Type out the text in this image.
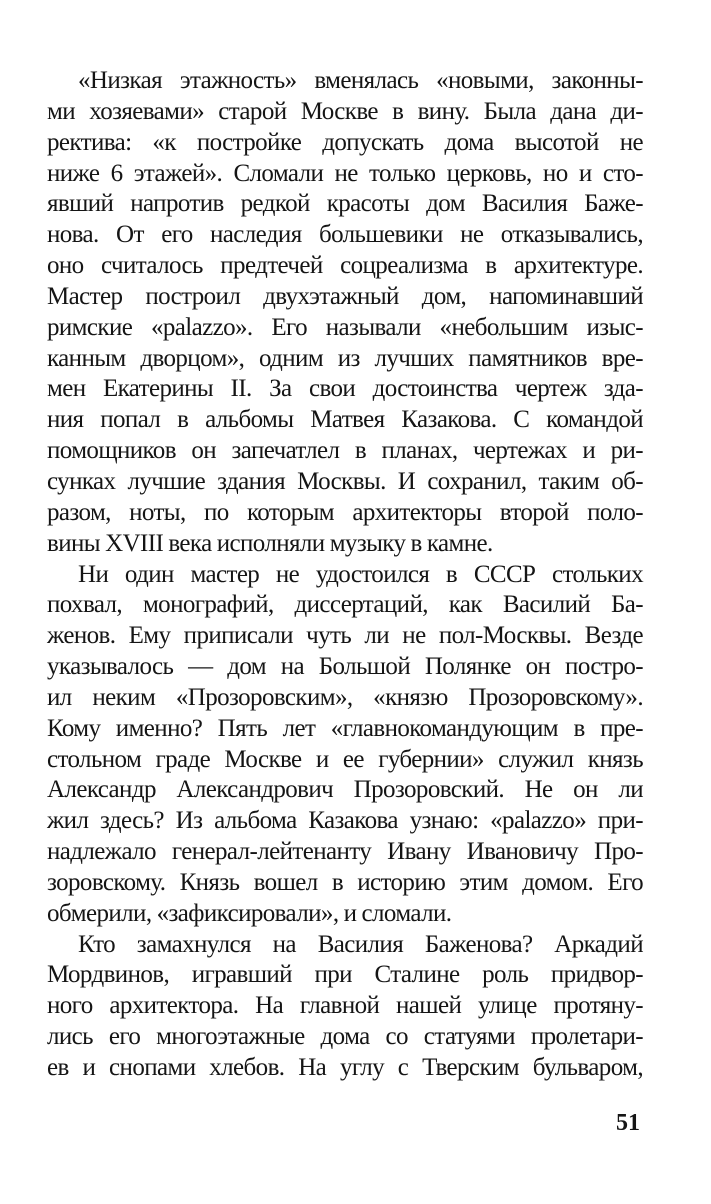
«Низкая этажность» вменялась «новыми, законны-
ми хозяевами» старой Москве в вину. Была дана ди-
ректива: «к постройке допускать дома высотой не
ниже 6 этажей». Сломали не только церковь, но и сто-
явший напротив редкой красоты дом Василия Баже-
нова. От его наследия большевики не отказывались,
оно считалось предтечей соцреализма в архитектуре.
Мастер построил двухэтажный дом, напоминавший
римские «palazzo». Его называли «небольшим изыс-
канным дворцом», одним из лучших памятников вре-
мен Екатерины II. За свои достоинства чертеж зда-
ния попал в альбомы Матвея Казакова. С командой
помощников он запечатлел в планах, чертежах и ри-
сунках лучшие здания Москвы. И сохранил, таким об-
разом, ноты, по которым архитекторы второй поло-
вины XVIII века исполняли музыку в камне.
Ни один мастер не удостоился в СССР стольких
похвал, монографий, диссертаций, как Василий Ба-
женов. Ему приписали чуть ли не пол-Москвы. Везде
указывалось — дом на Большой Полянке он постро-
ил неким «Прозоровским», «князю Прозоровскому».
Кому именно? Пять лет «главнокомандующим в пре-
стольном граде Москве и ее губернии» служил князь
Александр Александрович Прозоровский. Не он ли
жил здесь? Из альбома Казакова узнаю: «palazzo» при-
надлежало генерал-лейтенанту Ивану Ивановичу Про-
зоровскому. Князь вошел в историю этим домом. Его
обмерили, «зафиксировали», и сломали.
Кто замахнулся на Василия Баженова? Аркадий
Мордвинов, игравший при Сталине роль придвор-
ного архитектора. На главной нашей улице протяну-
лись его многоэтажные дома со статуями пролетари-
ев и снопами хлебов. На углу с Тверским бульваром,
51
